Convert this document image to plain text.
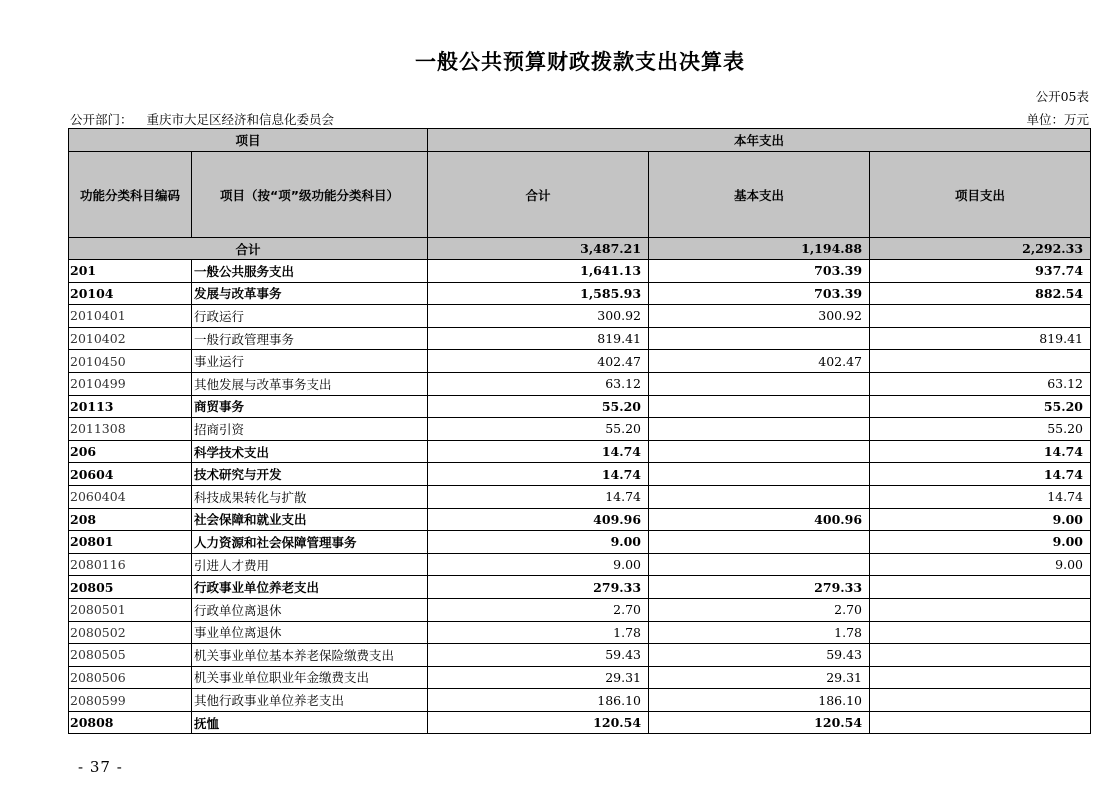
一般公共预算财政拨款支出决算表
公开05表
公开部门： 重庆市大足区经济和信息化委员会	单位：万元
项目		本年支出		
功能分类科目编码	项目（按“项”级功能分类科目）	合计	基本支出	项目支出
合计		3,487.21	1,194.88	2,292.33
201	一般公共服务支出	1,641.13	703.39	937.74
20104	发展与改革事务	1,585.93	703.39	882.54
2010401	行政运行	300.92	300.92	
2010402	一般行政管理事务	819.41		819.41
2010450	事业运行	402.47	402.47	
2010499	其他发展与改革事务支出	63.12		63.12
20113	商贸事务	55.20		55.20
2011308	招商引资	55.20		55.20
206	科学技术支出	14.74		14.74
20604	技术研究与开发	14.74		14.74
2060404	科技成果转化与扩散	14.74		14.74
208	社会保障和就业支出	409.96	400.96	9.00
20801	人力资源和社会保障管理事务	9.00		9.00
2080116	引进人才费用	9.00		9.00
20805	行政事业单位养老支出	279.33	279.33	
2080501	行政单位离退休	2.70	2.70	
2080502	事业单位离退休	1.78	1.78	
2080505	机关事业单位基本养老保险缴费支出	59.43	59.43	
2080506	机关事业单位职业年金缴费支出	29.31	29.31	
2080599	其他行政事业单位养老支出	186.10	186.10	
20808	抚恤	120.54	120.54	
- 37 -
